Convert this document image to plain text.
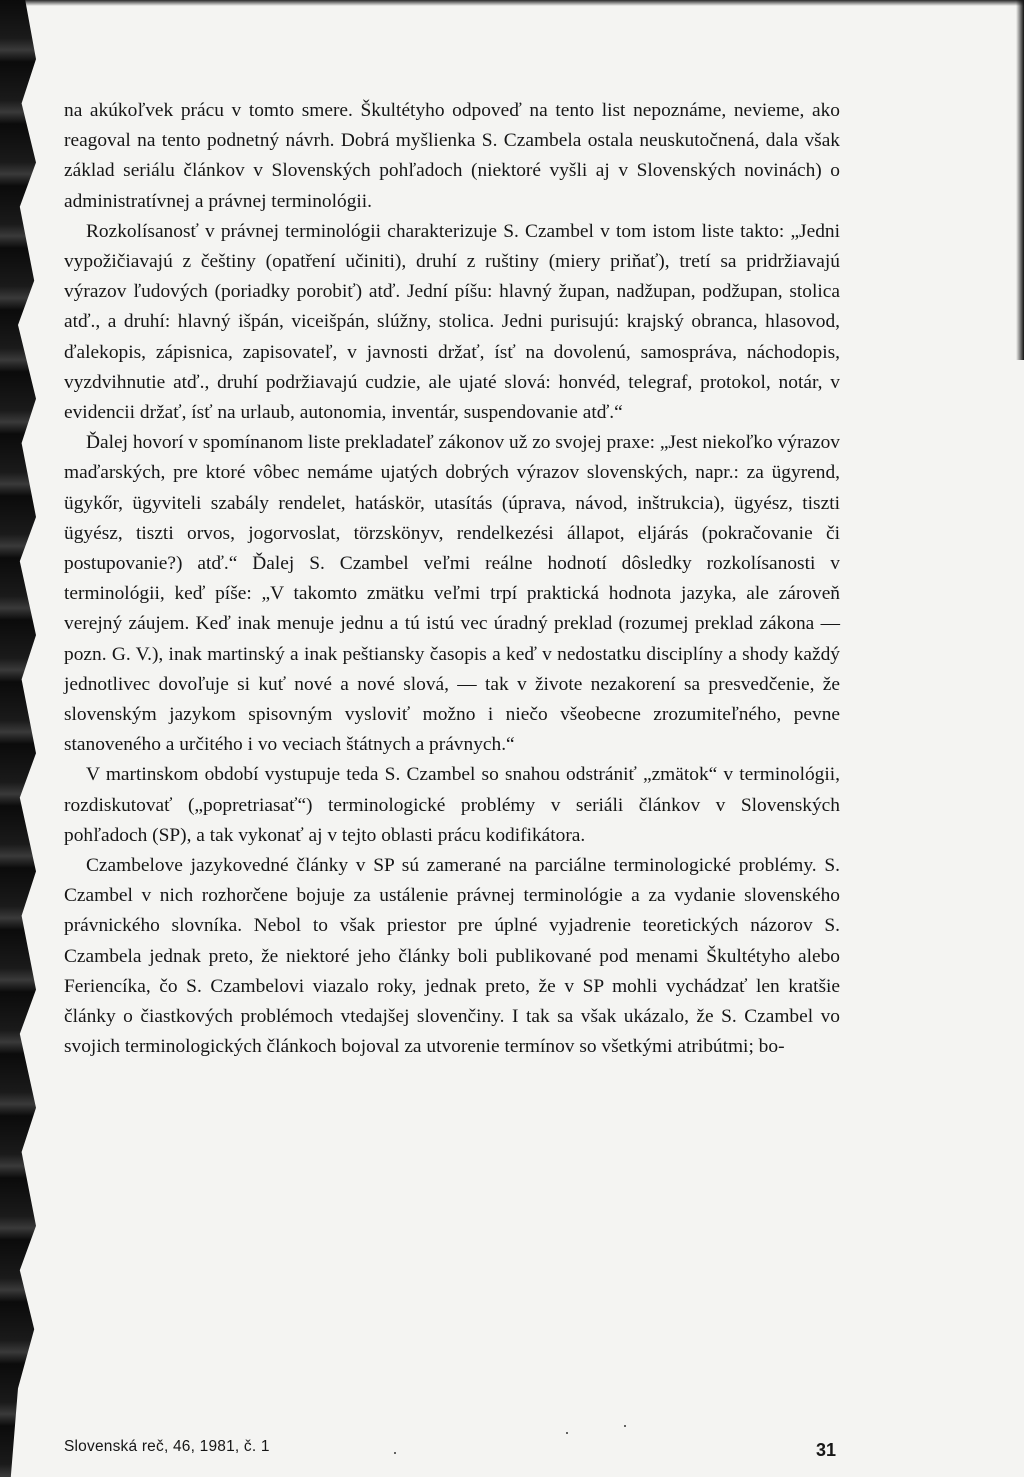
na akúkoľvek prácu v tomto smere. Škultétyho odpoveď na tento list nepoznáme, nevieme, ako reagoval na tento podnetný návrh. Dobrá myšlienka S. Czambela ostala neuskutočnená, dala však základ seriálu článkov v Slovenských pohľadoch (niektoré vyšli aj v Slovenských novinách) o administratívnej a právnej terminológii.

Rozkolísanosť v právnej terminológii charakterizuje S. Czambel v tom istom liste takto: „Jedni vypožičiavajú z češtiny (opatření učiniti), druhí z ruštiny (miery priňať), tretí sa pridržiavajú výrazov ľudových (poriadky porobiť) atď. Jední píšu: hlavný župan, nadžupan, podžupan, stolica atď., a druhí: hlavný išpán, viceišpán, slúžny, stolica. Jedni purisujú: krajský obranca, hlasovod, ďalekopis, zápisnica, zapisovateľ, v javnosti držať, ísť na dovolenú, samospráva, náchodopis, vyzdvihnutie atď., druhí podržiavajú cudzie, ale ujaté slová: honvéd, telegraf, protokol, notár, v evidencii držať, ísť na urlaub, autonomia, inventár, suspendovanie atď.“

Ďalej hovorí v spomínanom liste prekladateľ zákonov už zo svojej praxe: „Jest niekoľko výrazov maďarských, pre ktoré vôbec nemáme ujatých dobrých výrazov slovenských, napr.: za ügyrend, ügykőr, ügyviteli szabály rendelet, hatáskör, utasítás (úprava, návod, inštrukcia), ügyész, tiszti ügyész, tiszti orvos, jogorvoslat, törzskönyv, rendelkezési állapot, eljárás (pokračovanie či postupovanie?) atď.“ Ďalej S. Czambel veľmi reálne hodnotí dôsledky rozkolísanosti v terminológii, keď píše: „V takomto zmätku veľmi trpí praktická hodnota jazyka, ale zároveň verejný záujem. Keď inak menuje jednu a tú istú vec úradný preklad (rozumej preklad zákona — pozn. G. V.), inak martinský a inak peštiansky časopis a keď v nedostatku disciplíny a shody každý jednotlivec dovoľuje si kuť nové a nové slová, — tak v živote nezakorení sa presvedčenie, že slovenským jazykom spisovným vysloviť možno i niečo všeobecne zrozumiteľného, pevne stanoveného a určitého i vo veciach štátnych a právnych.“

V martinskom období vystupuje teda S. Czambel so snahou odstrániť „zmätok“ v terminológii, rozdiskutovať („popretriasať“) terminologické problémy v seriáli článkov v Slovenských pohľadoch (SP), a tak vykonať aj v tejto oblasti prácu kodifikátora.

Czambelove jazykovedné články v SP sú zamerané na parciálne terminologické problémy. S. Czambel v nich rozhorčene bojuje za ustálenie právnej terminológie a za vydanie slovenského právnického slovníka. Nebol to však priestor pre úplné vyjadrenie teoretických názorov S. Czambela jednak preto, že niektoré jeho články boli publikované pod menami Škultétyho alebo Feriencíka, čo S. Czambelovi viazalo roky, jednak preto, že v SP mohli vychádzať len kratšie články o čiastkových problémoch vtedajšej slovenčiny. I tak sa však ukázalo, že S. Czambel vo svojich terminologických článkoch bojoval za utvorenie termínov so všetkými atribútmi; bo-

Slovenská reč, 46, 1981, č. 1	31
